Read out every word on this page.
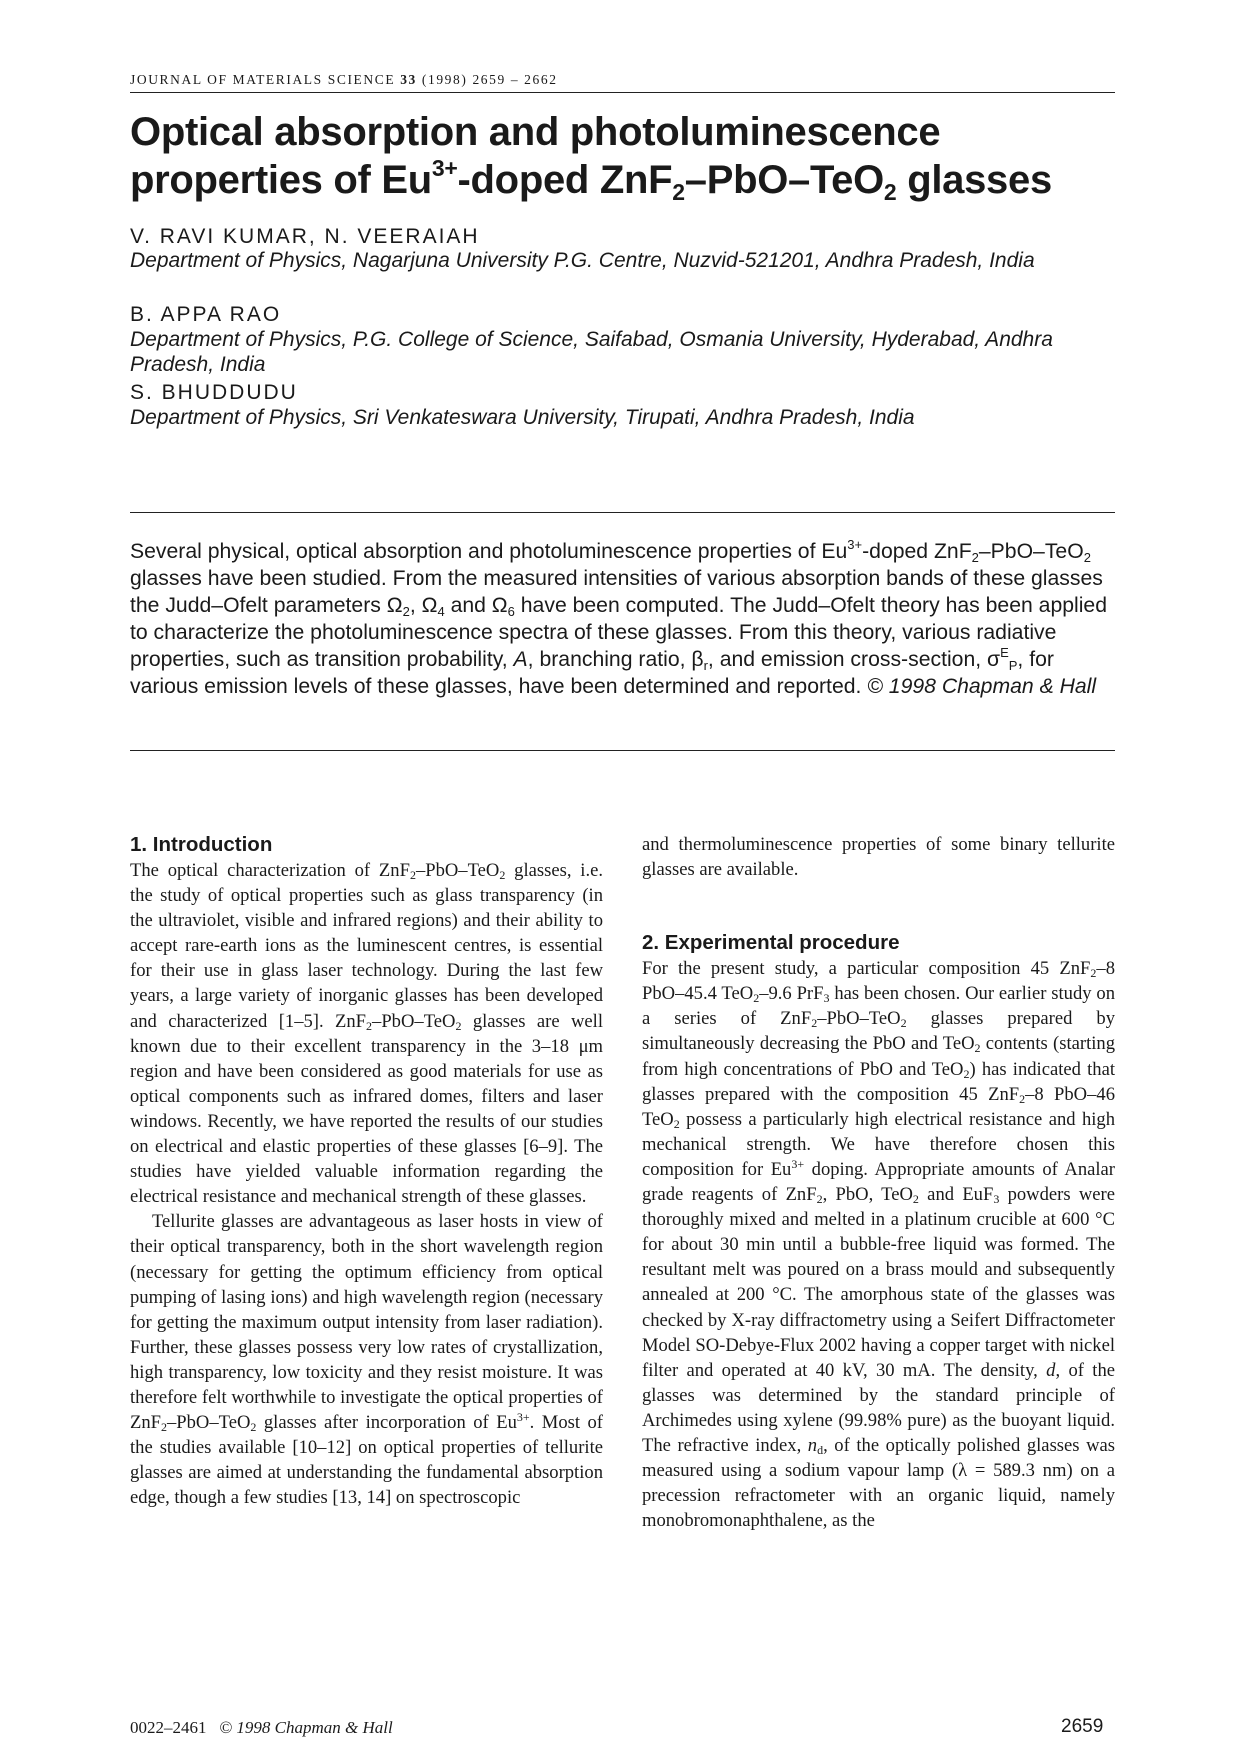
JOURNAL OF MATERIALS SCIENCE 33 (1998) 2659 – 2662
Optical absorption and photoluminescence
properties of $Eu^{3+}$-doped ZnF$_2$–PbO–TeO$_2$ glasses
V. RAVI KUMAR, N. VEERAIAH
Department of Physics, Nagarjuna University P.G. Centre, Nuzvid-521201, Andhra Pradesh, India
B. APPA RAO
Department of Physics, P.G. College of Science, Saifabad, Osmania University, Hyderabad, Andhra Pradesh, India
S. BHUDDUDU
Department of Physics, Sri Venkateswara University, Tirupati, Andhra Pradesh, India

Several physical, optical absorption and photoluminescence properties of $Eu^{3+}$-doped ZnF$_2$–PbO–TeO$_2$ glasses have been studied. From the measured intensities of various absorption bands of these glasses the Judd–Ofelt parameters $\Omega_2$, $\Omega_4$ and $\Omega_6$ have been computed. The Judd–Ofelt theory has been applied to characterize the photoluminescence spectra of these glasses. From this theory, various radiative properties, such as transition probability, A, branching ratio, $\beta_r$, and emission cross-section, $\sigma^E_P$, for various emission levels of these glasses, have been determined and reported. © 1998 Chapman & Hall

1. Introduction

The optical characterization of ZnF$_2$–PbO–TeO$_2$ glasses, i.e. the study of optical properties such as glass transparency (in the ultraviolet, visible and infrared regions) and their ability to accept rare-earth ions as the luminescent centres, is essential for their use in glass laser technology. During the last few years, a large variety of inorganic glasses has been developed and characterized [1–5]. ZnF$_2$–PbO–TeO$_2$ glasses are well known due to their excellent transparency in the 3–18 μm region and have been considered as good materials for use as optical components such as infrared domes, filters and laser windows. Recently, we have reported the results of our studies on electrical and elastic properties of these glasses [6–9]. The studies have yielded valuable information regarding the electrical resistance and mechanical strength of these glasses.

Tellurite glasses are advantageous as laser hosts in view of their optical transparency, both in the short wavelength region (necessary for getting the optimum efficiency from optical pumping of lasing ions) and high wavelength region (necessary for getting the maximum output intensity from laser radiation). Further, these glasses possess very low rates of crystallization, high transparency, low toxicity and they resist moisture. It was therefore felt worthwhile to investigate the optical properties of ZnF$_2$–PbO–TeO$_2$ glasses after incorporation of $Eu^{3+}$. Most of the studies available [10–12] on optical properties of tellurite glasses are aimed at understanding the fundamental absorption edge, though a few studies [13, 14] on spectroscopic

and thermoluminescence properties of some binary tellurite glasses are available.

2. Experimental procedure

For the present study, a particular composition 45 ZnF$_2$–8 PbO–45.4 TeO$_2$–9.6 PrF$_3$ has been chosen. Our earlier study on a series of ZnF$_2$–PbO–TeO$_2$ glasses prepared by simultaneously decreasing the PbO and TeO$_2$ contents (starting from high concentrations of PbO and TeO$_2$) has indicated that glasses prepared with the composition 45 ZnF$_2$–8 PbO–46 TeO$_2$ possess a particularly high electrical resistance and high mechanical strength. We have therefore chosen this composition for $Eu^{3+}$ doping. Appropriate amounts of Analar grade reagents of ZnF$_2$, PbO, TeO$_2$ and EuF$_3$ powders were thoroughly mixed and melted in a platinum crucible at 600 °C for about 30 min until a bubble-free liquid was formed. The resultant melt was poured on a brass mould and subsequently annealed at 200 °C. The amorphous state of the glasses was checked by X-ray diffractometry using a Seifert Diffractometer Model SO-Debye-Flux 2002 having a copper target with nickel filter and operated at 40 kV, 30 mA. The density, d, of the glasses was determined by the standard principle of Archimedes using xylene (99.98% pure) as the buoyant liquid. The refractive index, $n_d$, of the optically polished glasses was measured using a sodium vapour lamp (λ = 589.3 nm) on a precession refractometer with an organic liquid, namely monobromonaphthalene, as the

0022–2461 © 1998 Chapman & Hall	2659
